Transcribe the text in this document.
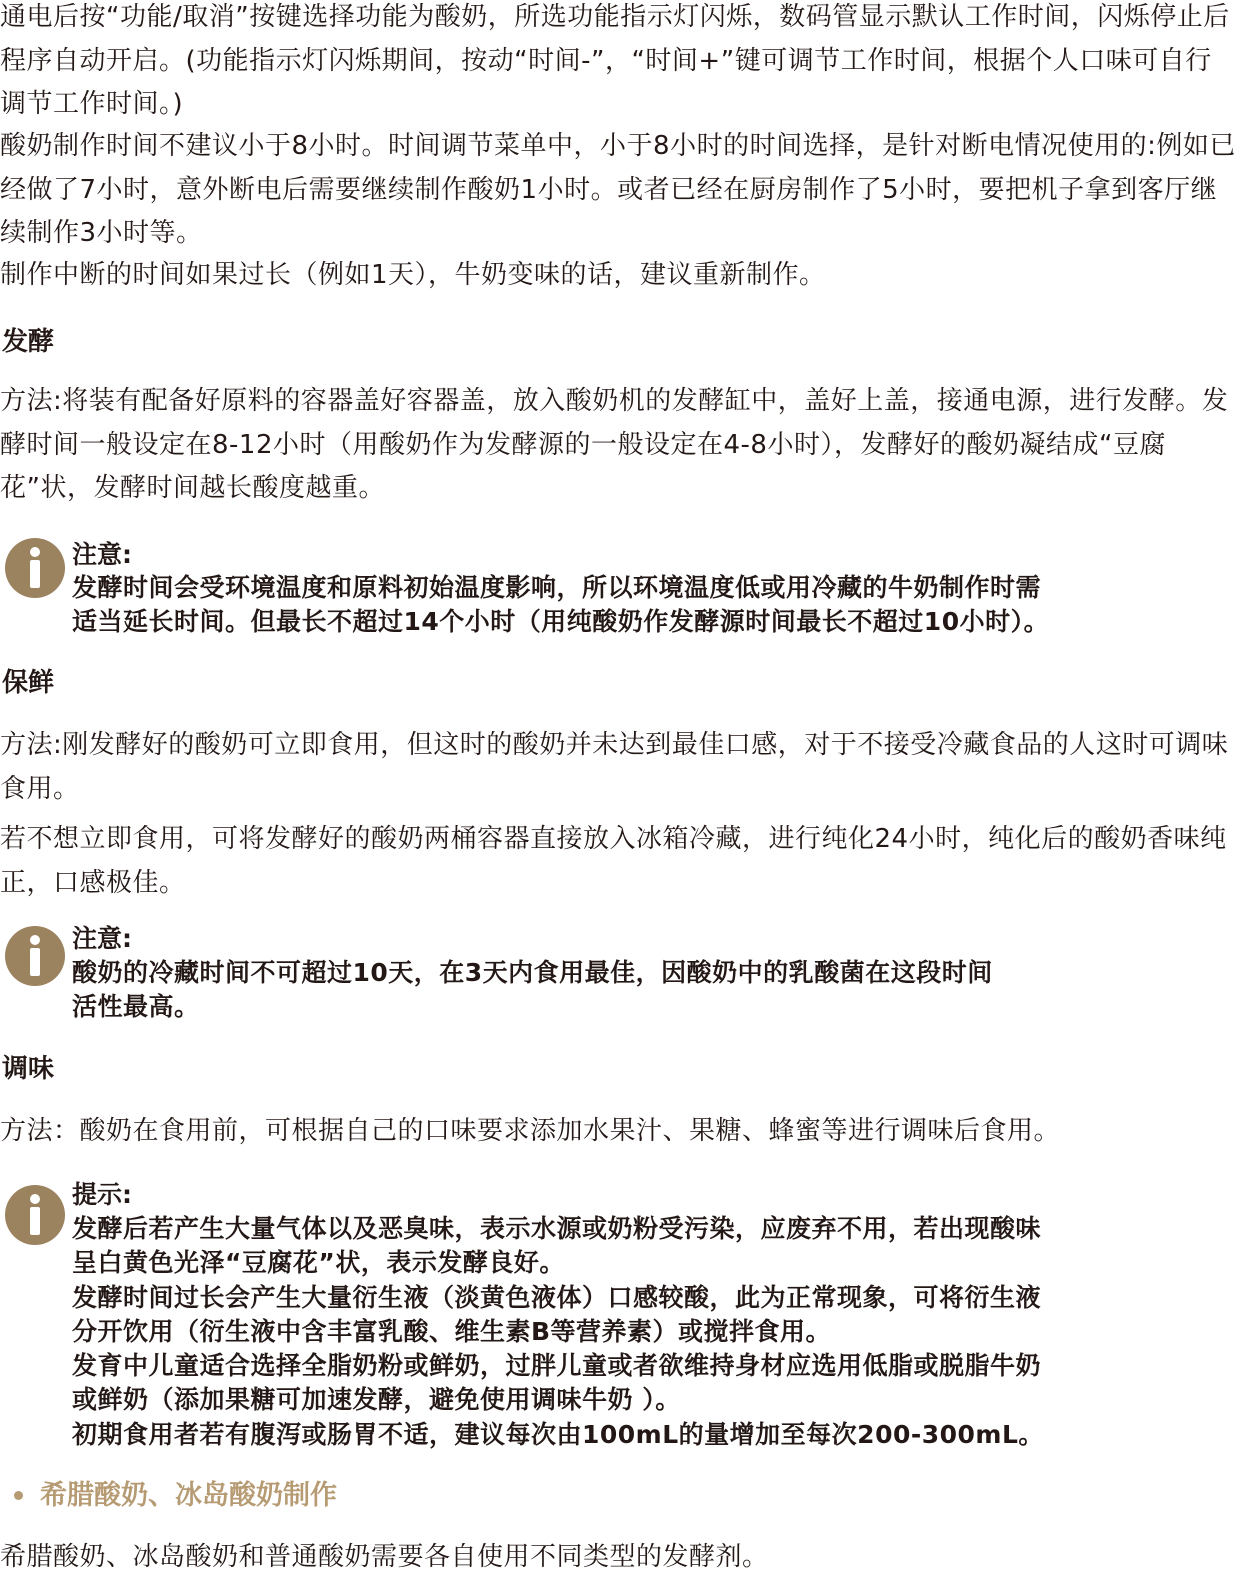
通电后按“功能/取消”按键选择功能为酸奶，所选功能指示灯闪烁，数码管显示默认工作时间，闪烁停止后程序自动开启。(功能指示灯闪烁期间，按动“时间-”，“时间+”键可调节工作时间，根据个人口味可自行调节工作时间。)

酸奶制作时间不建议小于8小时。时间调节菜单中，小于8小时的时间选择，是针对断电情况使用的:例如已经做了7小时，意外断电后需要继续制作酸奶1小时。或者已经在厨房制作了5小时，要把机子拿到客厅继续制作3小时等。

制作中断的时间如果过长（例如1天），牛奶变味的话，建议重新制作。

发酵

方法:将装有配备好原料的容器盖好容器盖，放入酸奶机的发酵缸中，盖好上盖，接通电源，进行发酵。发酵时间一般设定在8-12小时（用酸奶作为发酵源的一般设定在4-8小时），发酵好的酸奶凝结成“豆腐花”状，发酵时间越长酸度越重。

注意:
发酵时间会受环境温度和原料初始温度影响，所以环境温度低或用冷藏的牛奶制作时需
适当延长时间。但最长不超过14个小时（用纯酸奶作发酵源时间最长不超过10小时）。
保鲜

方法:刚发酵好的酸奶可立即食用，但这时的酸奶并未达到最佳口感，对于不接受冷藏食品的人这时可调味食用。

若不想立即食用，可将发酵好的酸奶两桶容器直接放入冰箱冷藏，进行纯化24小时，纯化后的酸奶香味纯正，口感极佳。

注意:
酸奶的冷藏时间不可超过10天，在3天内食用最佳，因酸奶中的乳酸菌在这段时间
活性最高。
调味

方法：酸奶在食用前，可根据自己的口味要求添加水果汁、果糖、蜂蜜等进行调味后食用。

提示:
发酵后若产生大量气体以及恶臭味，表示水源或奶粉受污染，应废弃不用，若出现酸味
呈白黄色光泽“豆腐花”状，表示发酵良好。
发酵时间过长会产生大量衍生液（淡黄色液体）口感较酸，此为正常现象，可将衍生液
分开饮用（衍生液中含丰富乳酸、维生素B等营养素）或搅拌食用。
发育中儿童适合选择全脂奶粉或鲜奶，过胖儿童或者欲维持身材应选用低脂或脱脂牛奶
或鲜奶（添加果糖可加速发酵，避免使用调味牛奶 ）。
初期食用者若有腹泻或肠胃不适，建议每次由100mL的量增加至每次200-300mL。
希腊酸奶、冰岛酸奶制作

希腊酸奶、冰岛酸奶和普通酸奶需要各自使用不同类型的发酵剂。
